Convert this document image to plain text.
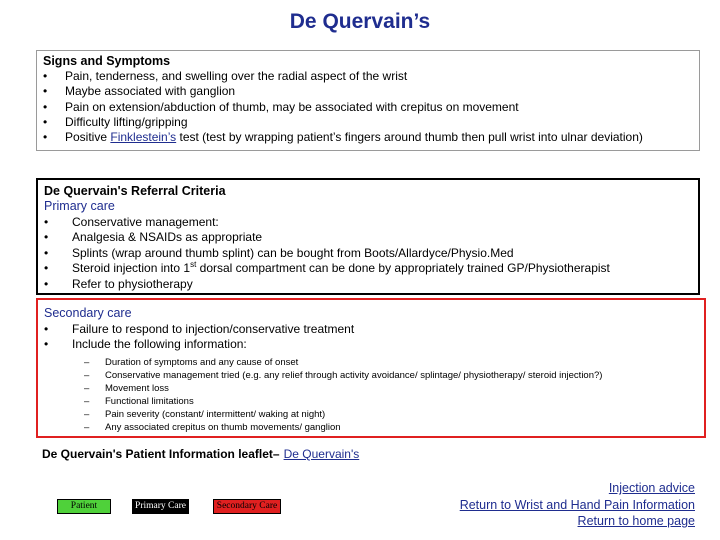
De Quervain’s
Signs and Symptoms
• Pain, tenderness, and swelling over the radial aspect of the wrist
• Maybe associated with ganglion
• Pain on extension/abduction of thumb, may be associated with crepitus on movement
• Difficulty lifting/gripping
• Positive Finklestein’s test (test by wrapping patient’s fingers around thumb then pull wrist into ulnar deviation)
De Quervain's Referral Criteria
Primary care
• Conservative management:
• Analgesia & NSAIDs as appropriate
• Splints (wrap around thumb splint) can be bought from Boots/Allardyce/Physio.Med
• Steroid injection into 1st dorsal compartment can be done by appropriately trained GP/Physiotherapist
• Refer to physiotherapy
Secondary care
• Failure to respond to injection/conservative treatment
• Include the following information:
– Duration of symptoms and any cause of onset
– Conservative management tried (e.g. any relief through activity avoidance/ splintage/ physiotherapy/ steroid injection?)
– Movement loss
– Functional limitations
– Pain severity (constant/ intermittent/ waking at night)
– Any associated crepitus on thumb movements/ ganglion
De Quervain's Patient Information leaflet– De Quervain's
Patient	Primary Care	Secondary Care
Injection advice
Return to Wrist and Hand Pain Information
Return to home page
